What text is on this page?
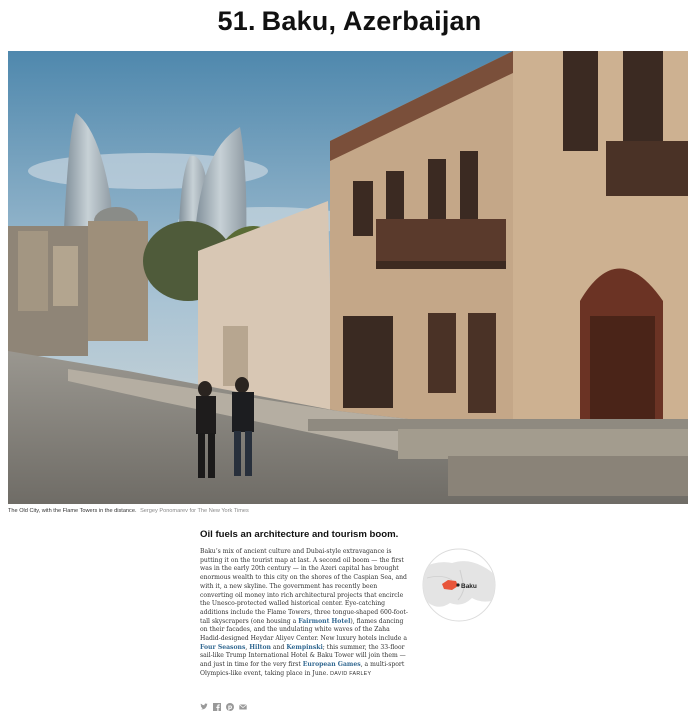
51. Baku, Azerbaijan
The Old City, with the Flame Towers in the distance. Sergey Ponomarev for The New York Times

Oil fuels an architecture and tourism boom.

Baku’s mix of ancient culture and Dubai-style extravagance is putting it on the tourist map at last. A second oil boom — the first was in the early 20th century — in the Azeri capital has brought enormous wealth to this city on the shores of the Caspian Sea, and with it, a new skyline. The government has recently been converting oil money into rich architectural projects that encircle the Unesco-protected walled historical center. Eye-catching additions include the Flame Towers, three tongue-shaped 600-foot-tall skyscrapers (one housing a Fairmont Hotel), flames dancing on their facades, and the undulating white waves of the Zaha Hadid-designed Heydar Aliyev Center. New luxury hotels include a Four Seasons, Hilton and Kempinski; this summer, the 33-floor sail-like Trump International Hotel & Baku Tower will join them — and just in time for the very first European Games, a multi-sport Olympics-like event, taking place in June. DAVID FARLEY

p
Baku
